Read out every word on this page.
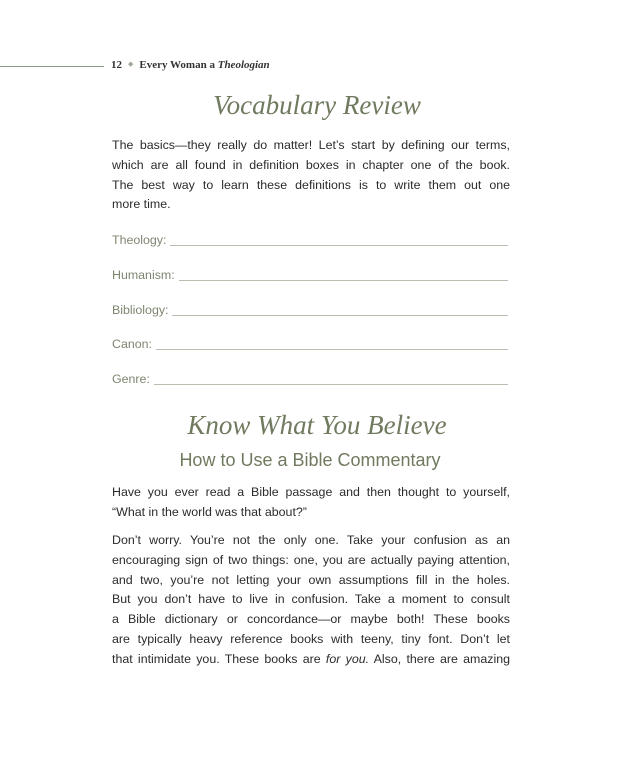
12 ◆ Every Woman a Theologian
Vocabulary Review

The basics—they really do matter! Let’s start by defining our terms,
which are all found in definition boxes in chapter one of the book.
The best way to learn these definitions is to write them out one
more time.

Theology:
Humanism:
Bibliology:
Canon:
Genre:
Know What You Believe
How to Use a Bible Commentary

Have you ever read a Bible passage and then thought to yourself,
“What in the world was that about?”

Don’t worry. You’re not the only one. Take your confusion as an
encouraging sign of two things: one, you are actually paying attention,
and two, you’re not letting your own assumptions fill in the holes.
But you don’t have to live in confusion. Take a moment to consult
a Bible dictionary or concordance—or maybe both! These books
are typically heavy reference books with teeny, tiny font. Don’t let
that intimidate you. These books are for you. Also, there are amazing
